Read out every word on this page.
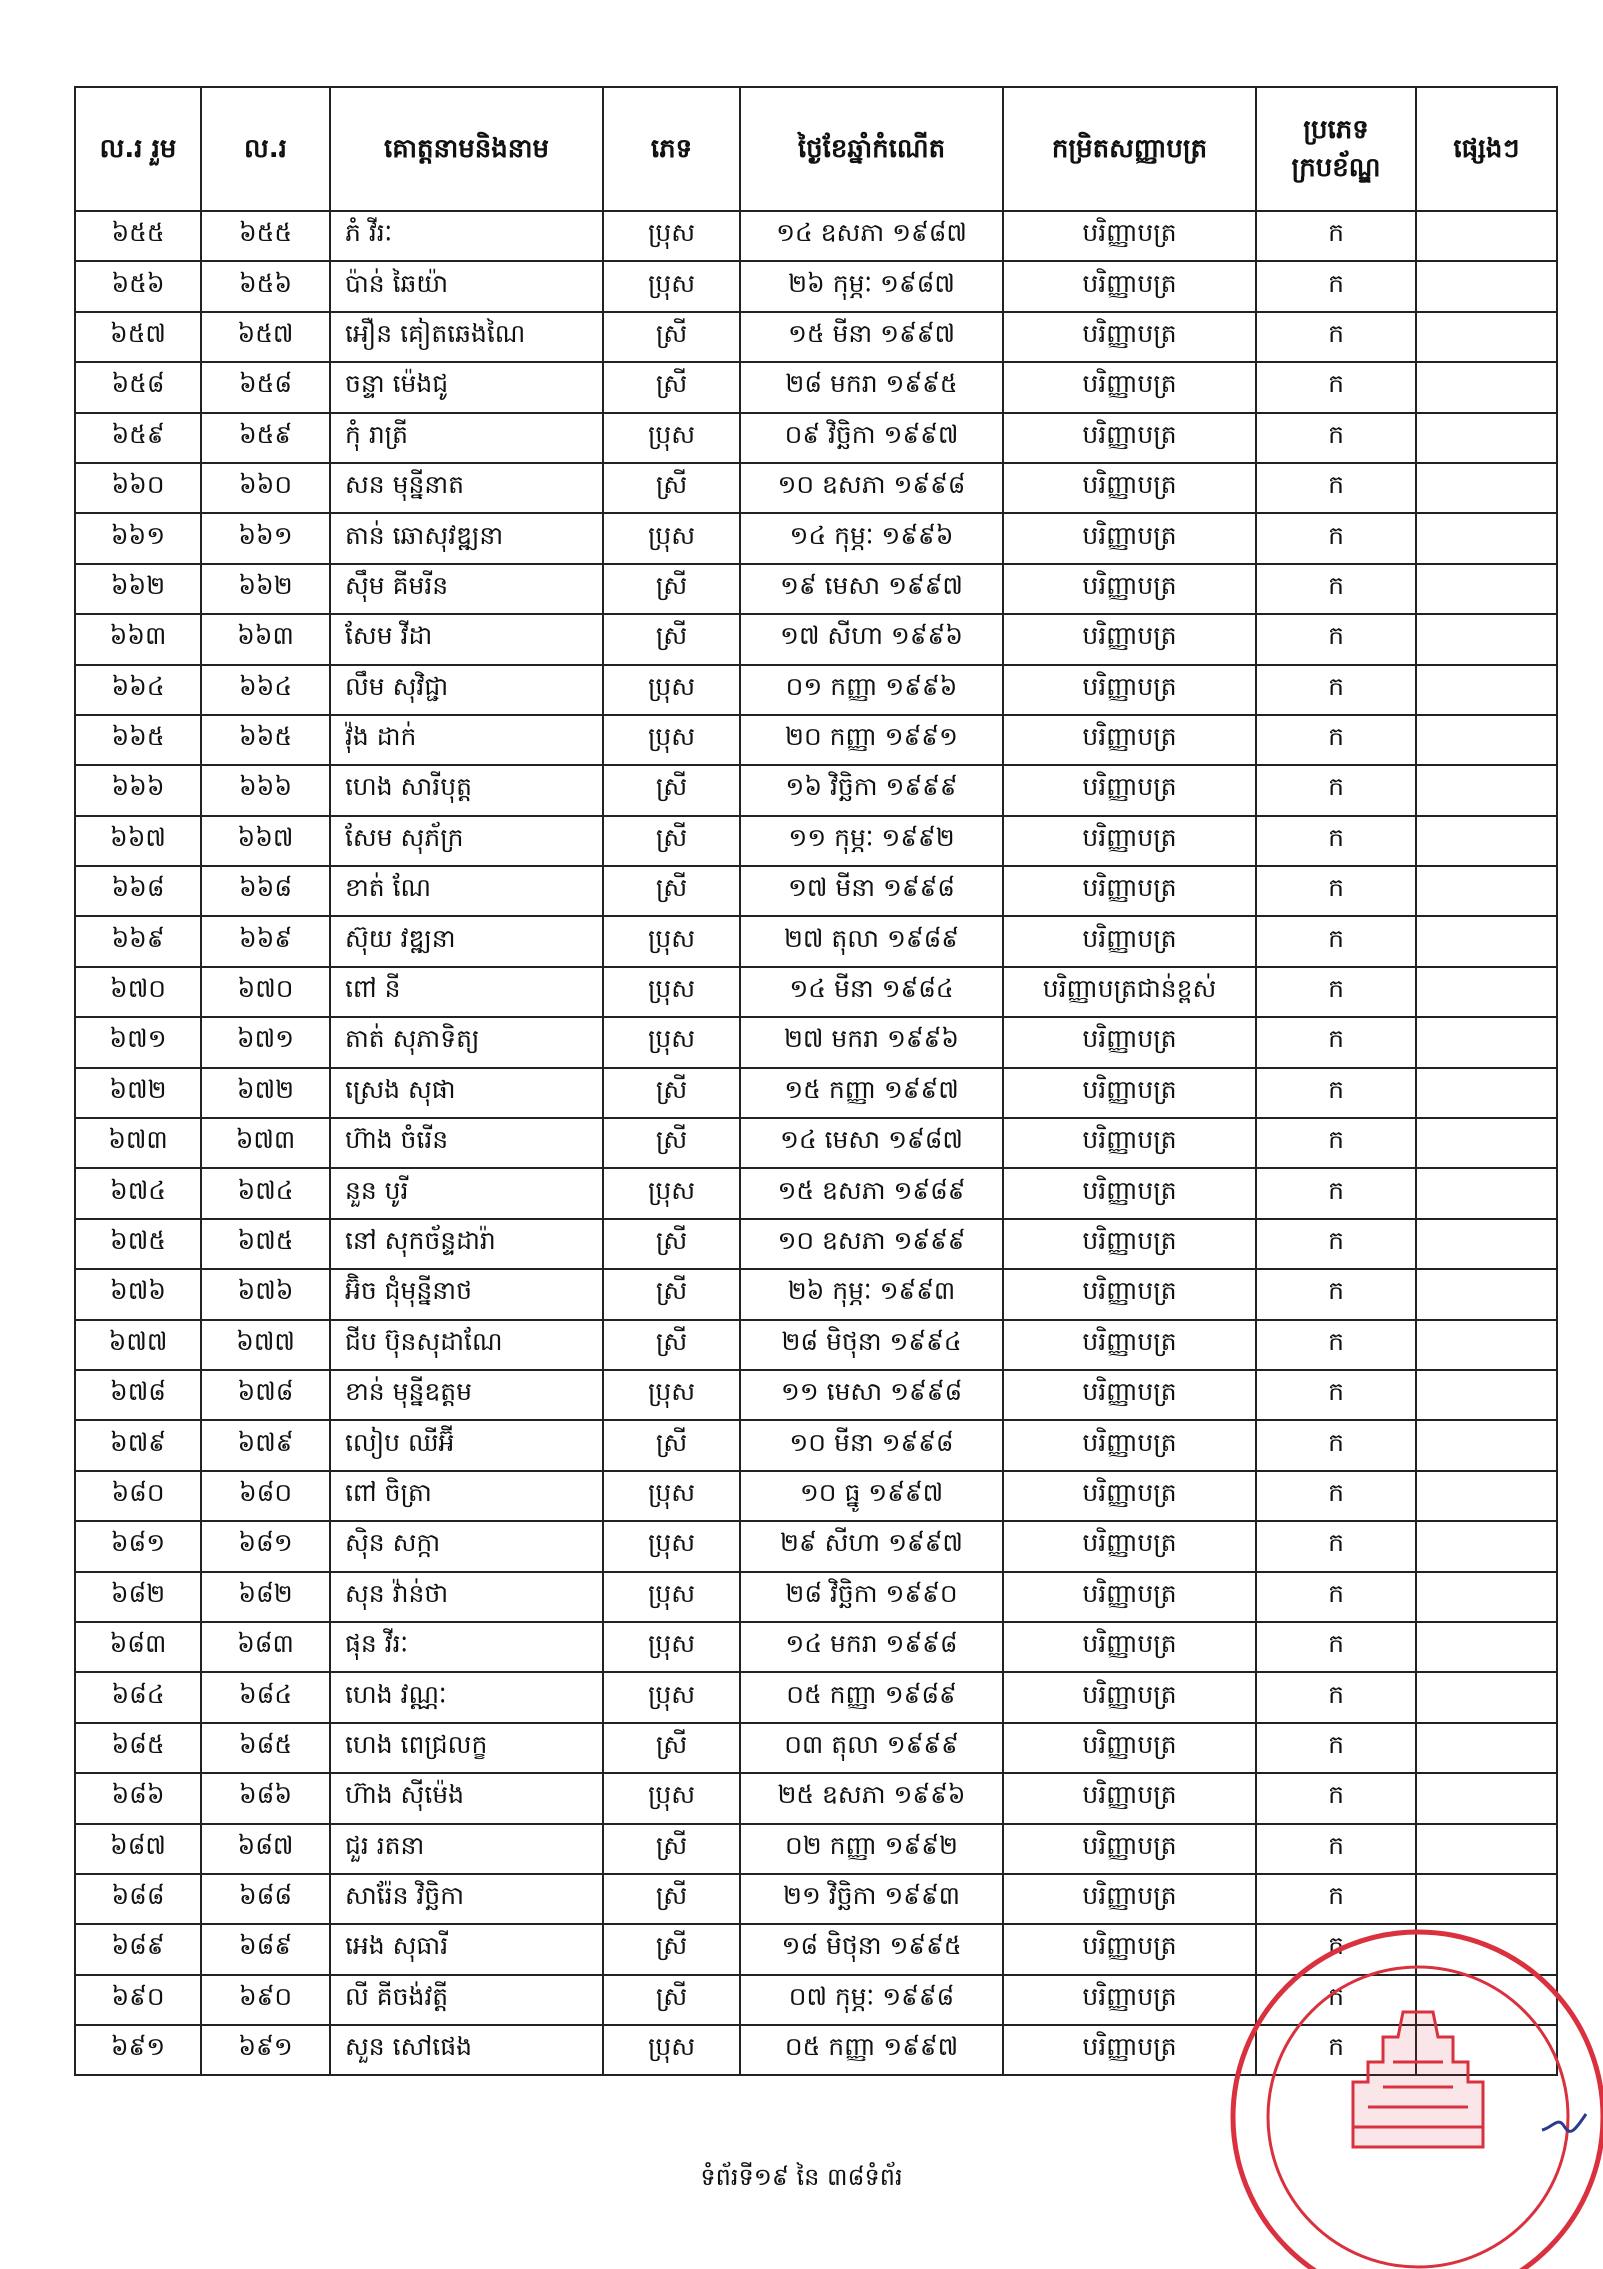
ល.រ រួម	ល.រ	គោត្តនាមនិងនាម	ភេទ	ថ្ងៃខែឆ្នាំកំណើត	កម្រិតសញ្ញាបត្រ	ប្រភេទក្របខ័ណ្ឌ	ផ្សេងៗ
៦៥៥	៦៥៥	ភំ វីរៈ	ប្រុស	១៤ ឧសភា ១៩៨៧	បរិញ្ញាបត្រ	ក	
៦៥៦	៦៥៦	ប៉ាន់ ឆៃយ៉ា	ប្រុស	២៦ កុម្ភៈ ១៩៨៧	បរិញ្ញាបត្រ	ក	
៦៥៧	៦៥៧	អឿន គៀតឆេងណៃ	ស្រី	១៥ មីនា ១៩៩៧	បរិញ្ញាបត្រ	ក	
៦៥៨	៦៥៨	ចន្ទា ម៉េងជូ	ស្រី	២៨ មករា ១៩៩៥	បរិញ្ញាបត្រ	ក	
៦៥៩	៦៥៩	កុំ រាត្រី	ប្រុស	០៩ វិច្ឆិកា ១៩៩៧	បរិញ្ញាបត្រ	ក	
៦៦០	៦៦០	សន មុន្នីនាត	ស្រី	១០ ឧសភា ១៩៩៨	បរិញ្ញាបត្រ	ក	
៦៦១	៦៦១	តាន់ ឆោសុវឌ្ឍនា	ប្រុស	១៤ កុម្ភៈ ១៩៩៦	បរិញ្ញាបត្រ	ក	
៦៦២	៦៦២	ស៊ឹម គីមរីន	ស្រី	១៩ មេសា ១៩៩៧	បរិញ្ញាបត្រ	ក	
៦៦៣	៦៦៣	សែម វីដា	ស្រី	១៧ សីហា ១៩៩៦	បរិញ្ញាបត្រ	ក	
៦៦៤	៦៦៤	លឹម សុវិជ្ជា	ប្រុស	០១ កញ្ញា ១៩៩៦	បរិញ្ញាបត្រ	ក	
៦៦៥	៦៦៥	វ៉ុង ដាក់	ប្រុស	២០ កញ្ញា ១៩៩១	បរិញ្ញាបត្រ	ក	
៦៦៦	៦៦៦	ហេង សារីបុត្ត	ស្រី	១៦ វិច្ឆិកា ១៩៩៩	បរិញ្ញាបត្រ	ក	
៦៦៧	៦៦៧	សែម សុភ័ក្រ	ស្រី	១១ កុម្ភៈ ១៩៩២	បរិញ្ញាបត្រ	ក	
៦៦៨	៦៦៨	ខាត់ ណែ	ស្រី	១៧ មីនា ១៩៩៨	បរិញ្ញាបត្រ	ក	
៦៦៩	៦៦៩	ស៊ុយ វឌ្ឍនា	ប្រុស	២៧ តុលា ១៩៨៩	បរិញ្ញាបត្រ	ក	
៦៧០	៦៧០	ពៅ នី	ប្រុស	១៤ មីនា ១៩៨៤	បរិញ្ញាបត្រជាន់ខ្ពស់	ក	
៦៧១	៦៧១	តាត់ សុភាទិត្យ	ប្រុស	២៧ មករា ១៩៩៦	បរិញ្ញាបត្រ	ក	
៦៧២	៦៧២	ស្រេង សុផា	ស្រី	១៥ កញ្ញា ១៩៩៧	បរិញ្ញាបត្រ	ក	
៦៧៣	៦៧៣	ហ៊ាង ចំរើន	ស្រី	១៤ មេសា ១៩៨៧	បរិញ្ញាបត្រ	ក	
៦៧៤	៦៧៤	នួន បូរី	ប្រុស	១៥ ឧសភា ១៩៨៩	បរិញ្ញាបត្រ	ក	
៦៧៥	៦៧៥	នៅ សុកច័ន្ទដារ៉ា	ស្រី	១០ ឧសភា ១៩៩៩	បរិញ្ញាបត្រ	ក	
៦៧៦	៦៧៦	អ៊ិច ជុំមុន្នីនាថ	ស្រី	២៦ កុម្ភៈ ១៩៩៣	បរិញ្ញាបត្រ	ក	
៦៧៧	៦៧៧	ជីប ប៊ុនសុដាណែ	ស្រី	២៨ មិថុនា ១៩៩៤	បរិញ្ញាបត្រ	ក	
៦៧៨	៦៧៨	ខាន់ មុន្នីឧត្តម	ប្រុស	១១ មេសា ១៩៩៨	បរិញ្ញាបត្រ	ក	
៦៧៩	៦៧៩	លៀប ឈីអ៊ី	ស្រី	១០ មីនា ១៩៩៨	បរិញ្ញាបត្រ	ក	
៦៨០	៦៨០	ពៅ ចិត្រា	ប្រុស	១០ ធ្នូ ១៩៩៧	បរិញ្ញាបត្រ	ក	
៦៨១	៦៨១	ស៊ិន សក្កា	ប្រុស	២៩ សីហា ១៩៩៧	បរិញ្ញាបត្រ	ក	
៦៨២	៦៨២	សុន វ៉ាន់ថា	ប្រុស	២៨ វិច្ឆិកា ១៩៩០	បរិញ្ញាបត្រ	ក	
៦៨៣	៦៨៣	ផុន វីរៈ	ប្រុស	១៤ មករា ១៩៩៨	បរិញ្ញាបត្រ	ក	
៦៨៤	៦៨៤	ហេង វណ្ណៈ	ប្រុស	០៥ កញ្ញា ១៩៨៩	បរិញ្ញាបត្រ	ក	
៦៨៥	៦៨៥	ហេង ពេជ្រលក្ខ	ស្រី	០៣ តុលា ១៩៩៩	បរិញ្ញាបត្រ	ក	
៦៨៦	៦៨៦	ហ៊ាង ស៊ីម៉េង	ប្រុស	២៥ ឧសភា ១៩៩៦	បរិញ្ញាបត្រ	ក	
៦៨៧	៦៨៧	ជួរ រតនា	ស្រី	០២ កញ្ញា ១៩៩២	បរិញ្ញាបត្រ	ក	
៦៨៨	៦៨៨	សារ៉ែន វិច្ឆិកា	ស្រី	២១ វិច្ឆិកា ១៩៩៣	បរិញ្ញាបត្រ	ក	
៦៨៩	៦៨៩	អេង សុធារី	ស្រី	១៨ មិថុនា ១៩៩៥	បរិញ្ញាបត្រ	ក	
៦៩០	៦៩០	លី គីចង់វត្តី	ស្រី	០៧ កុម្ភៈ ១៩៩៨	បរិញ្ញាបត្រ	ក	
៦៩១	៦៩១	សួន សៅផេង	ប្រុស	០៥ កញ្ញា ១៩៩៧	បរិញ្ញាបត្រ	ក	
ទំព័រទី១៩ នៃ ៣៨ទំព័រ
